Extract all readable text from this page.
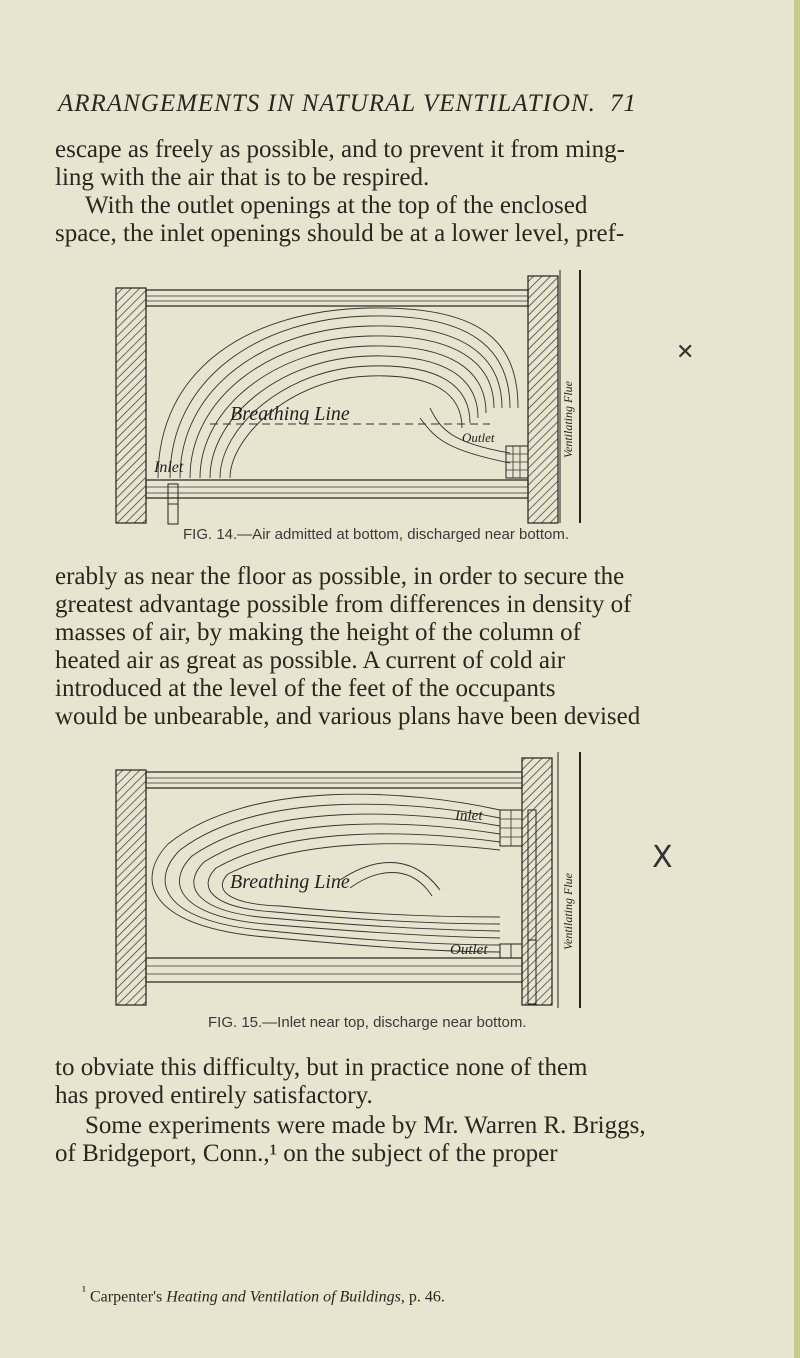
ARRANGEMENTS IN NATURAL VENTILATION. 71
escape as freely as possible, and to prevent it from ming-
ling with the air that is to be respired.
With the outlet openings at the top of the enclosed
space, the inlet openings should be at a lower level, pref-
Breathing Line
Inlet
Outlet	Ventilating Flue
✕
FIG. 14.—Air admitted at bottom, discharged near bottom.
erably as near the floor as possible, in order to secure the
greatest advantage possible from differences in density of
masses of air, by making the height of the column of
heated air as great as possible. A current of cold air
introduced at the level of the feet of the occupants
would be unbearable, and various plans have been devised
Inlet
Breathing Line
Outlet	Ventilating Flue
X
FIG. 15.—Inlet near top, discharge near bottom.
to obviate this difficulty, but in practice none of them
has proved entirely satisfactory.
Some experiments were made by Mr. Warren R. Briggs,
of Bridgeport, Conn.,¹ on the subject of the proper
$^{^1}$ Carpenter's Heating and Ventilation of Buildings, p. 46.
